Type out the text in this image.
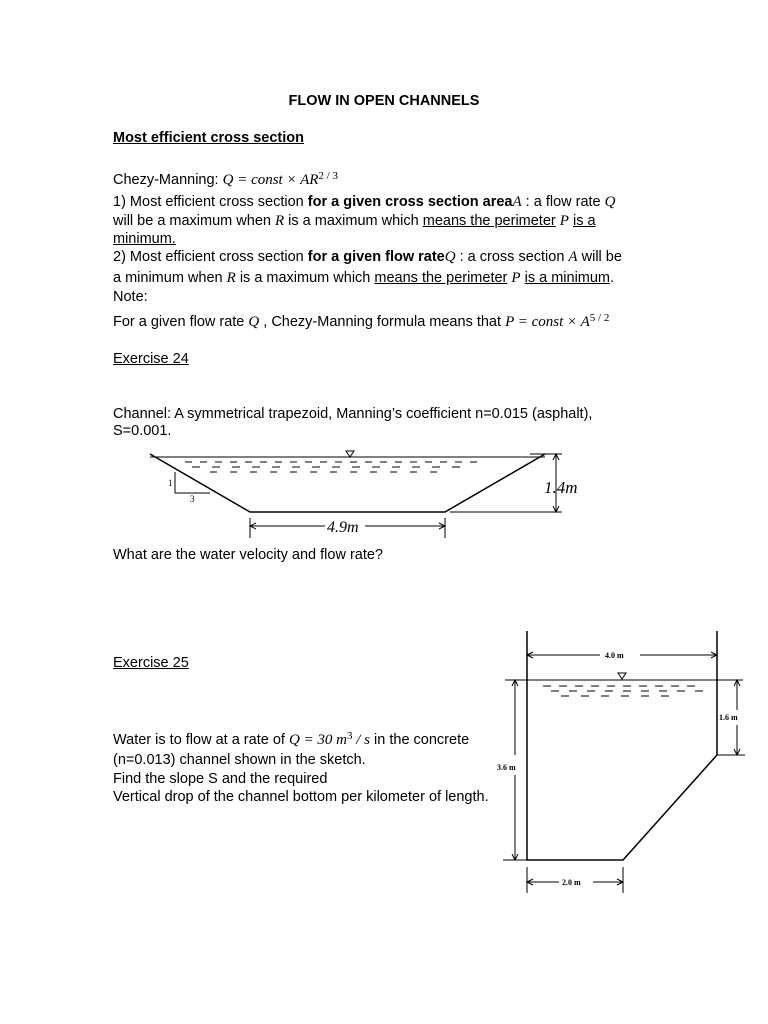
FLOW IN OPEN CHANNELS
Most efficient cross section
Chezy-Manning: Q = const × $AR^{2 / 3}$
1) Most efficient cross section for a given cross section areaA : a flow rate Q
will be a maximum when R is a maximum which means the perimeter P is a
minimum.
2) Most efficient cross section for a given flow rateQ : a cross section A will be
a minimum when R is a maximum which means the perimeter P is a minimum.
Note:
For a given flow rate Q , Chezy-Manning formula means that P = const × $A^{5 / 2}$
Exercise 24
Channel: A symmetrical trapezoid, Manning’s coefficient n=0.015 (asphalt),
S=0.001.
1
3
1.4m
4.9m
What are the water velocity and flow rate?
Exercise 25
Water is to flow at a rate of Q = 30 $m^3$ / s in the concrete
(n=0.013) channel shown in the sketch.
Find the slope S and the required
Vertical drop of the channel bottom per kilometer of length.
4.0 m
1.6 m
3.6 m
2.0 m
